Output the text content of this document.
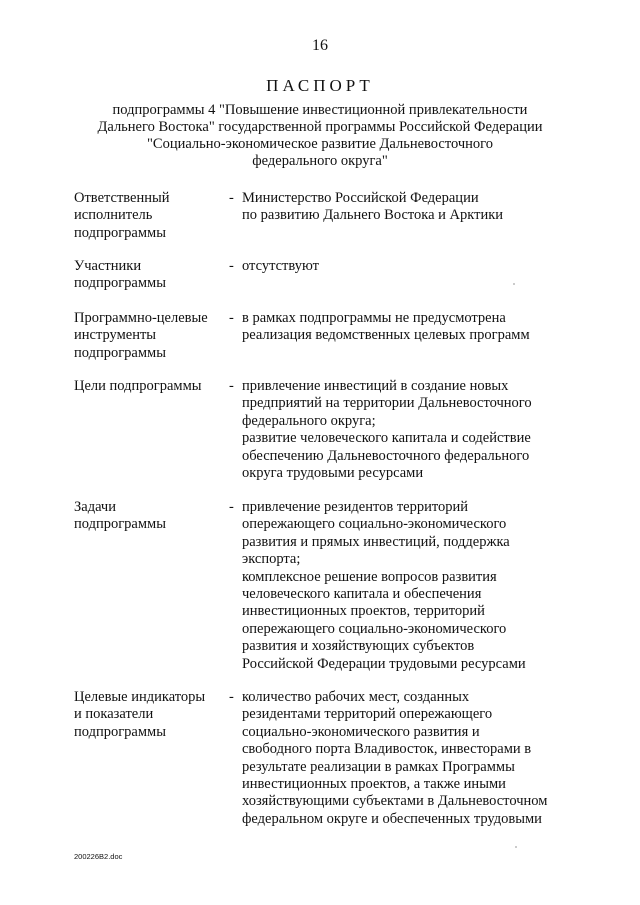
16
ПАСПОРТ
подпрограммы 4 "Повышение инвестиционной привлекательности
Дальнего Востока" государственной программы Российской Федерации
"Социально-экономическое развитие Дальневосточного
федерального округа"
Ответственный
исполнитель
подпрограммы
- Министерство Российской Федерации
по развитию Дальнего Востока и Арктики
Участники
подпрограммы
- отсутствуют
Программно-целевые
инструменты
подпрограммы
- в рамках подпрограммы не предусмотрена
реализация ведомственных целевых программ
Цели подпрограммы	- привлечение инвестиций в создание новых
предприятий на территории Дальневосточного
федерального округа;
развитие человеческого капитала и содействие
обеспечению Дальневосточного федерального
округа трудовыми ресурсами
Задачи
подпрограммы
- привлечение резидентов территорий
опережающего социально-экономического
развития и прямых инвестиций, поддержка
экспорта;
комплексное решение вопросов развития
человеческого капитала и обеспечения
инвестиционных проектов, территорий
опережающего социально-экономического
развития и хозяйствующих субъектов
Российской Федерации трудовыми ресурсами
Целевые индикаторы
и показатели
подпрограммы
- количество рабочих мест, созданных
резидентами территорий опережающего
социально-экономического развития и
свободного порта Владивосток, инвесторами в
результате реализации в рамках Программы
инвестиционных проектов, а также иными
хозяйствующими субъектами в Дальневосточном
федеральном округе и обеспеченных трудовыми
200226B2.doc
